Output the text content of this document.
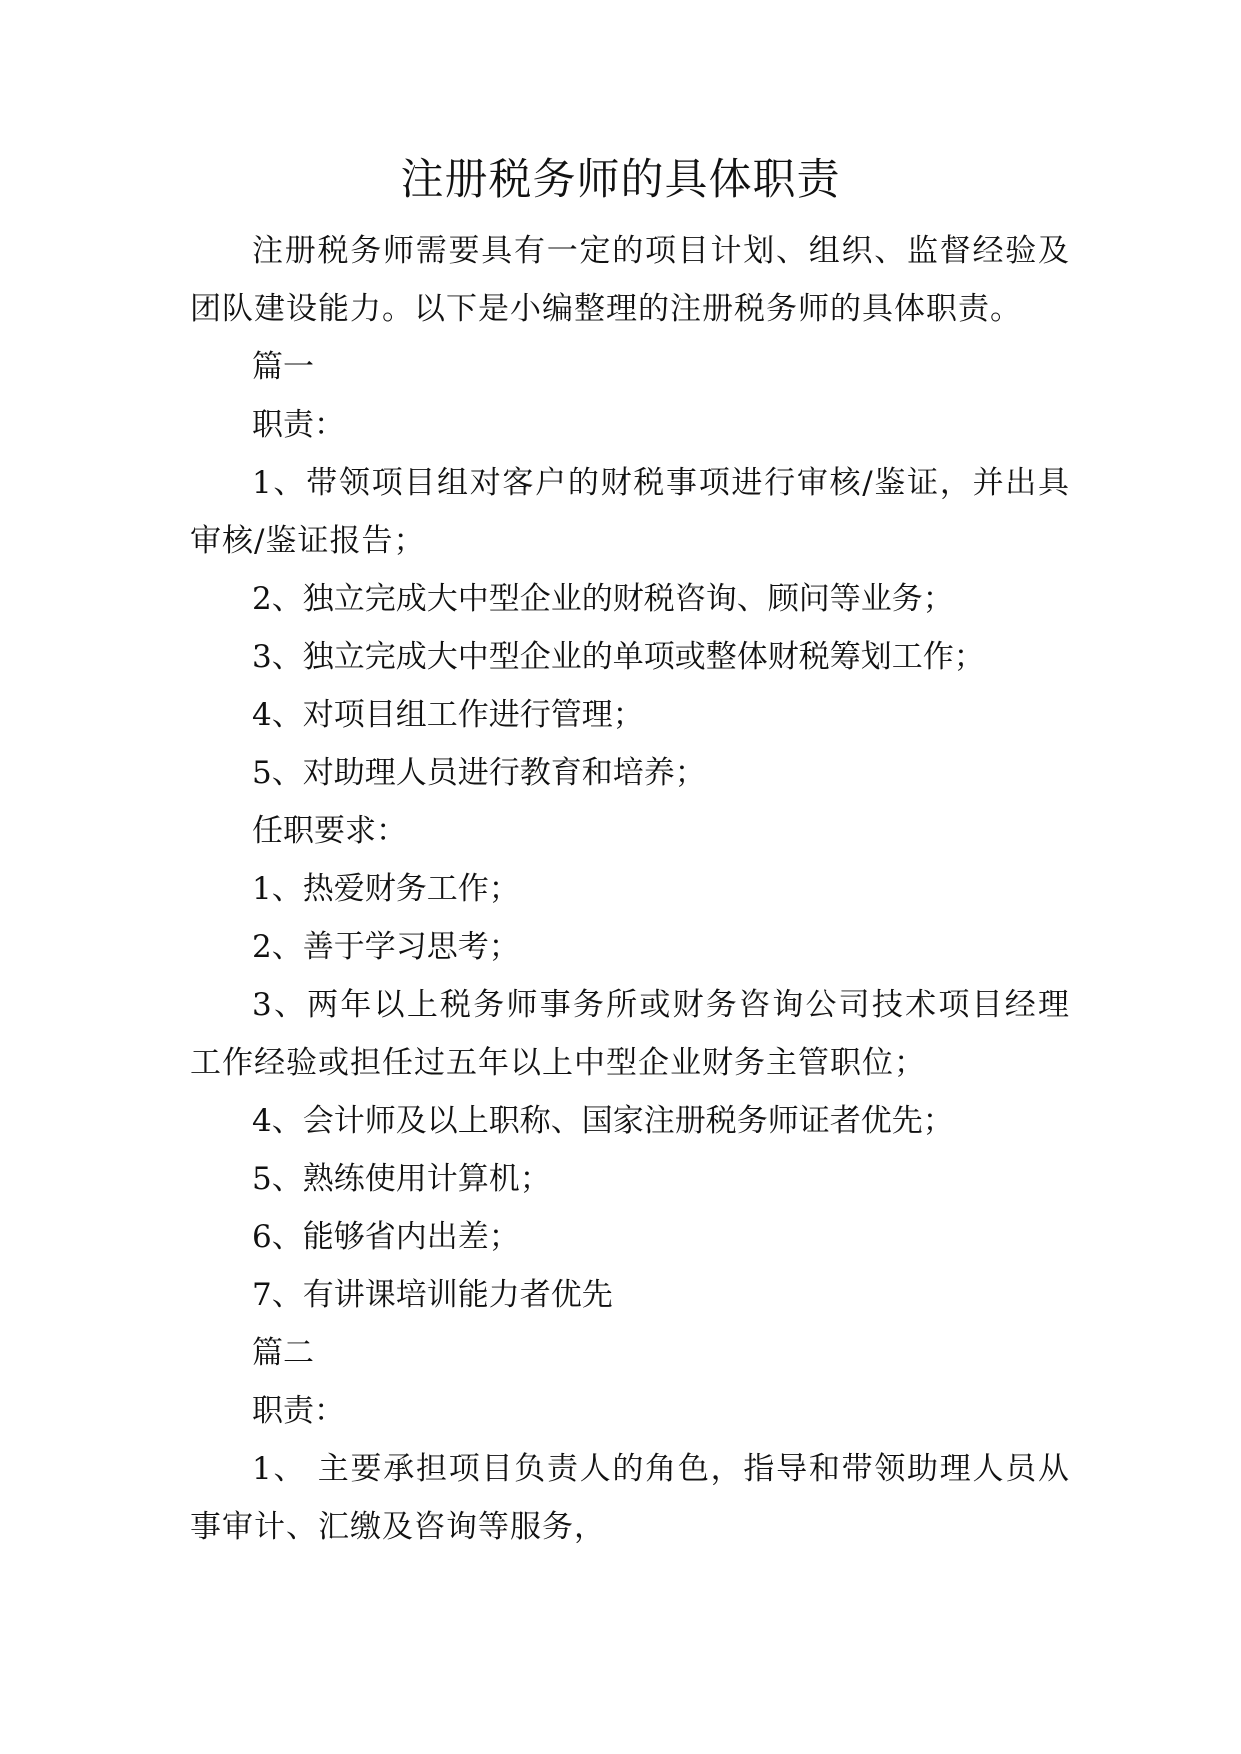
注册税务师的具体职责

注册税务师需要具有一定的项目计划、组织、监督经验及团队建设能力。以下是小编整理的注册税务师的具体职责。

篇一

职责：

1、带领项目组对客户的财税事项进行审核/鉴证，并出具审核/鉴证报告；

2、独立完成大中型企业的财税咨询、顾问等业务；

3、独立完成大中型企业的单项或整体财税筹划工作；

4、对项目组工作进行管理；

5、对助理人员进行教育和培养；

任职要求：

1、热爱财务工作；

2、善于学习思考；

3、两年以上税务师事务所或财务咨询公司技术项目经理工作经验或担任过五年以上中型企业财务主管职位；

4、会计师及以上职称、国家注册税务师证者优先；

5、熟练使用计算机；

6、能够省内出差；

7、有讲课培训能力者优先

篇二

职责：

1、 主要承担项目负责人的角色，指导和带领助理人员从事审计、汇缴及咨询等服务，
